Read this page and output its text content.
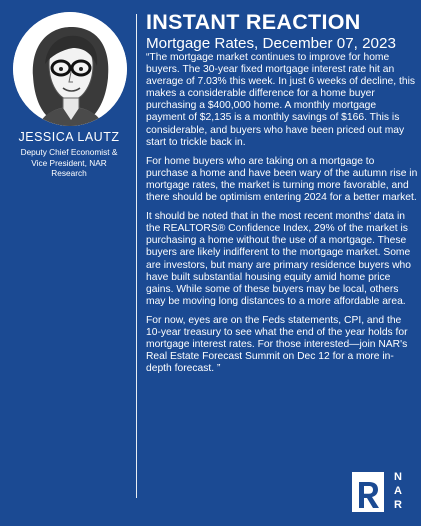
JESSICA LAUTZ
Deputy Chief Economist &
Vice President, NAR
Research
INSTANT REACTION
Mortgage Rates, December 07, 2023

“The mortgage market continues to improve for home buyers. The 30-year fixed mortgage interest rate hit an average of 7.03% this week. In just 6 weeks of decline, this makes a considerable difference for a home buyer purchasing a $400,000 home. A monthly mortgage payment of $2,135 is a monthly savings of $166. This is considerable, and buyers who have been priced out may start to trickle back in.

For home buyers who are taking on a mortgage to purchase a home and have been wary of the autumn rise in mortgage rates, the market is turning more favorable, and there should be optimism entering 2024 for a better market.

It should be noted that in the most recent months' data in the REALTORS® Confidence Index, 29% of the market is purchasing a home without the use of a mortgage. These buyers are likely indifferent to the mortgage market. Some are investors, but many are primary residence buyers who have built substantial housing equity amid home price gains. While some of these buyers may be local, others may be moving long distances to a more affordable area.

For now, eyes are on the Feds statements, CPI, and the 10-year treasury to see what the end of the year holds for mortgage interest rates. For those interested—join NAR's Real Estate Forecast Summit on Dec 12 for a more in-depth forecast. ”

N
A
R
